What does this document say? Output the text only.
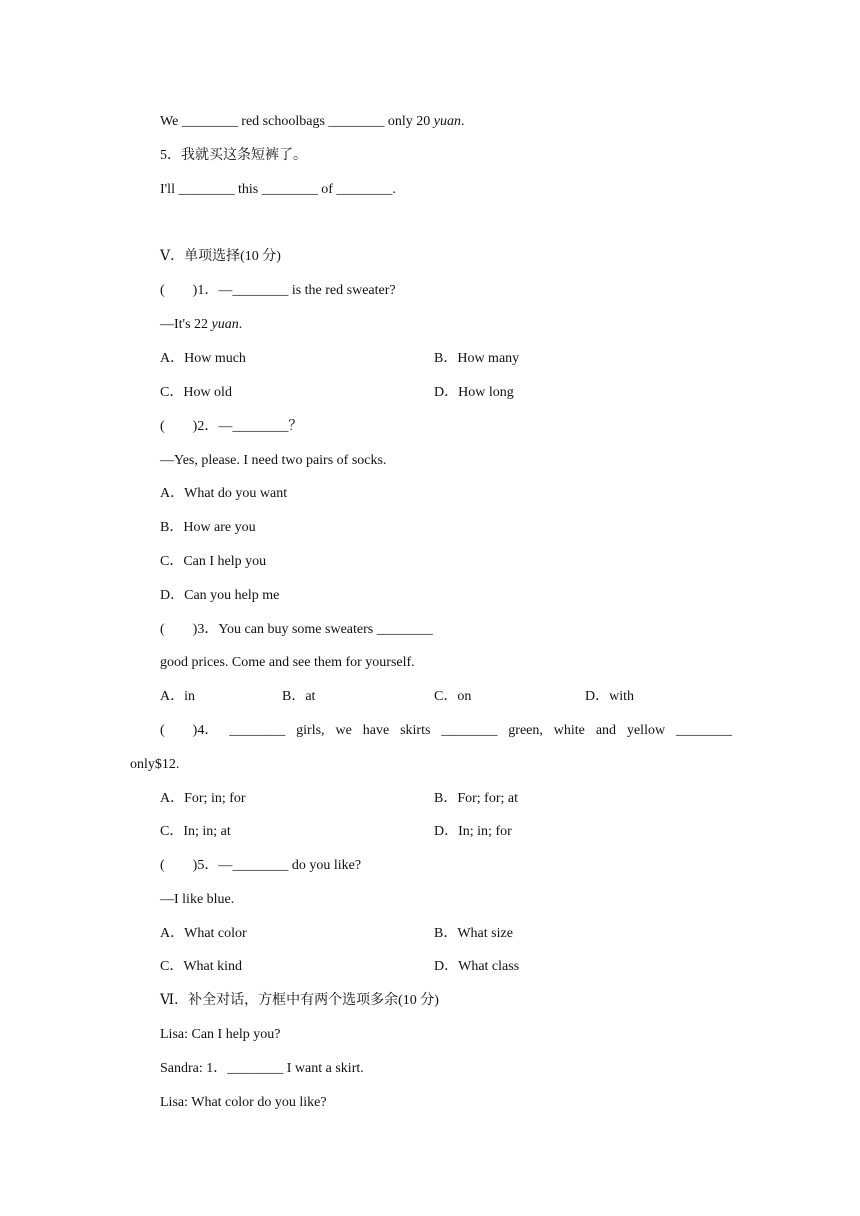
We ________ red schoolbags ________ only 20 yuan.
5．我就买这条短裤了。
I'll ________ this ________ of ________.
Ⅴ．单项选择(10 分)
(        )1．—________ is the red sweater?
—It's 22 yuan.
A．How much	B．How many
C．How old	D．How long
(        )2．—________？
—Yes, please. I need two pairs of socks.
A．What do you want
B．How are you
C．Can I help you
D．Can you help me
(        )3．You can buy some sweaters ________
good prices. Come and see them for yourself.
A．in	B．at	C．on	D．with
(        )4． ________ girls, we have skirts ________ green, white and yellow ________
only$12.
A．For; in; for	B．For; for; at
C．In; in; at	D．In; in; for
(        )5．—________ do you like?
—I like blue.
A．What color	B．What size
C．What kind	D．What class
Ⅵ．补全对话，方框中有两个选项多余(10 分)
Lisa: Can I help you?
Sandra: 1．________ I want a skirt.
Lisa: What color do you like?
